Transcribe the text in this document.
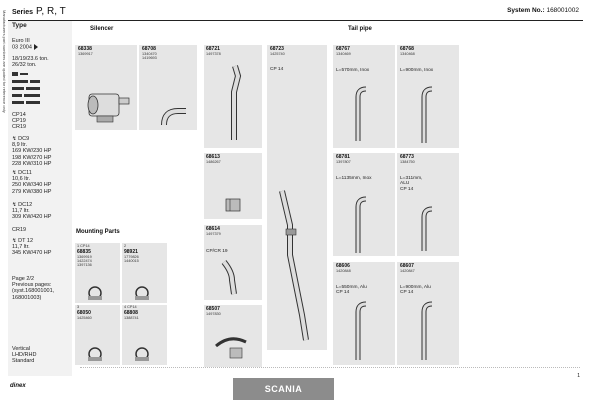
Manufacturers part numbers are quoted for reference only Series P, R, T	System No.: 168001002
Type
Euro III
03 2004
18/19/23.6 ton.
26/32 ton.
CP14
CP19
CR19
↯ DC9
8,9 ltr.
169 KW/230 HP
198 KW/270 HP
228 KW/310 HP
↯ DC11
10,6 ltr.
250 KW/340 HP
279 KW/380 HP
↯ DC12
11,7 ltr.
309 KW/420 HP
CR19
↯ DT 12
11,7 ltr.
345 KW/470 HP
Page 2/2
Previous pages:
(syst.168001001,
168001003)
Vertical
LHD/RHD
Standard
Silencer	Tail pipe
Mounting Parts
68338
1369917
68708
1340470
1419693
68721
1497378
68723
1425740
CP 14
68767
1340469
L=570mm, Inox
68768
1340468
L=900mm, Inox
68613
1486267
68781
1397807
L=1135mm, Inox
68773
1384750
L=311mm,
ALU
CP 14
68614
1497379
CP/CR 19
68606
1420848
L=550mm, Alu
CP 14
68607
1420847
L=900mm, Alu
CP 14
68507
1497830
1 CP14
68835
1369919
1422474
1397136
2
98921
1779826
1440015
3
68050
1425460
4 CP14
68808
1388741
1
dinex	SCANIA
